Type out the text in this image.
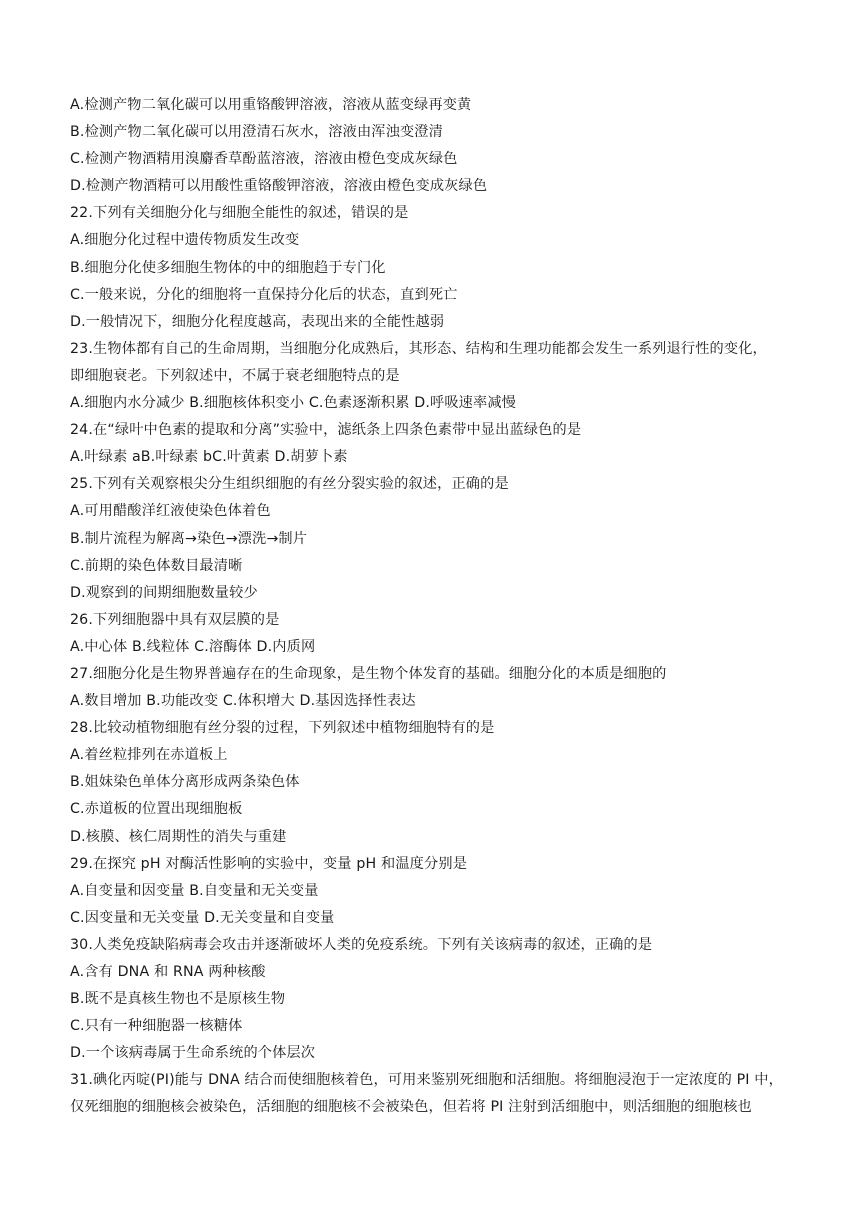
A.检测产物二氧化碳可以用重铬酸钾溶液，溶液从蓝变绿再变黄
B.检测产物二氧化碳可以用澄清石灰水，溶液由浑浊变澄清
C.检测产物酒精用溴麝香草酚蓝溶液，溶液由橙色变成灰绿色
D.检测产物酒精可以用酸性重铬酸钾溶液，溶液由橙色变成灰绿色
22.下列有关细胞分化与细胞全能性的叙述，错误的是
A.细胞分化过程中遗传物质发生改变
B.细胞分化使多细胞生物体的中的细胞趋于专门化
C.一般来说，分化的细胞将一直保持分化后的状态，直到死亡
D.一般情况下，细胞分化程度越高，表现出来的全能性越弱
23.生物体都有自己的生命周期，当细胞分化成熟后，其形态、结构和生理功能都会发生一系列退行性的变化，
即细胞衰老。下列叙述中，不属于衰老细胞特点的是
A.细胞内水分减少 B.细胞核体积变小 C.色素逐渐积累 D.呼吸速率减慢
24.在“绿叶中色素的提取和分离”实验中，滤纸条上四条色素带中显出蓝绿色的是
A.叶绿素 aB.叶绿素 bC.叶黄素 D.胡萝卜素
25.下列有关观察根尖分生组织细胞的有丝分裂实验的叙述，正确的是
A.可用醋酸洋红液使染色体着色
B.制片流程为解离→染色→漂洗→制片
C.前期的染色体数目最清晰
D.观察到的间期细胞数量较少
26.下列细胞器中具有双层膜的是
A.中心体 B.线粒体 C.溶酶体 D.内质网
27.细胞分化是生物界普遍存在的生命现象，是生物个体发育的基础。细胞分化的本质是细胞的
A.数目增加 B.功能改变 C.体积增大 D.基因选择性表达
28.比较动植物细胞有丝分裂的过程，下列叙述中植物细胞特有的是
A.着丝粒排列在赤道板上
B.姐妹染色单体分离形成两条染色体
C.赤道板的位置出现细胞板
D.核膜、核仁周期性的消失与重建
29.在探究 pH 对酶活性影响的实验中，变量 pH 和温度分别是
A.自变量和因变量 B.自变量和无关变量
C.因变量和无关变量 D.无关变量和自变量
30.人类免疫缺陷病毒会攻击并逐渐破坏人类的免疫系统。下列有关该病毒的叙述，正确的是
A.含有 DNA 和 RNA 两种核酸
B.既不是真核生物也不是原核生物
C.只有一种细胞器一核糖体
D.一个该病毒属于生命系统的个体层次
31.碘化丙啶(PI)能与 DNA 结合而使细胞核着色，可用来鉴别死细胞和活细胞。将细胞浸泡于一定浓度的 PI 中，
仅死细胞的细胞核会被染色，活细胞的细胞核不会被染色，但若将 PI 注射到活细胞中，则活细胞的细胞核也
